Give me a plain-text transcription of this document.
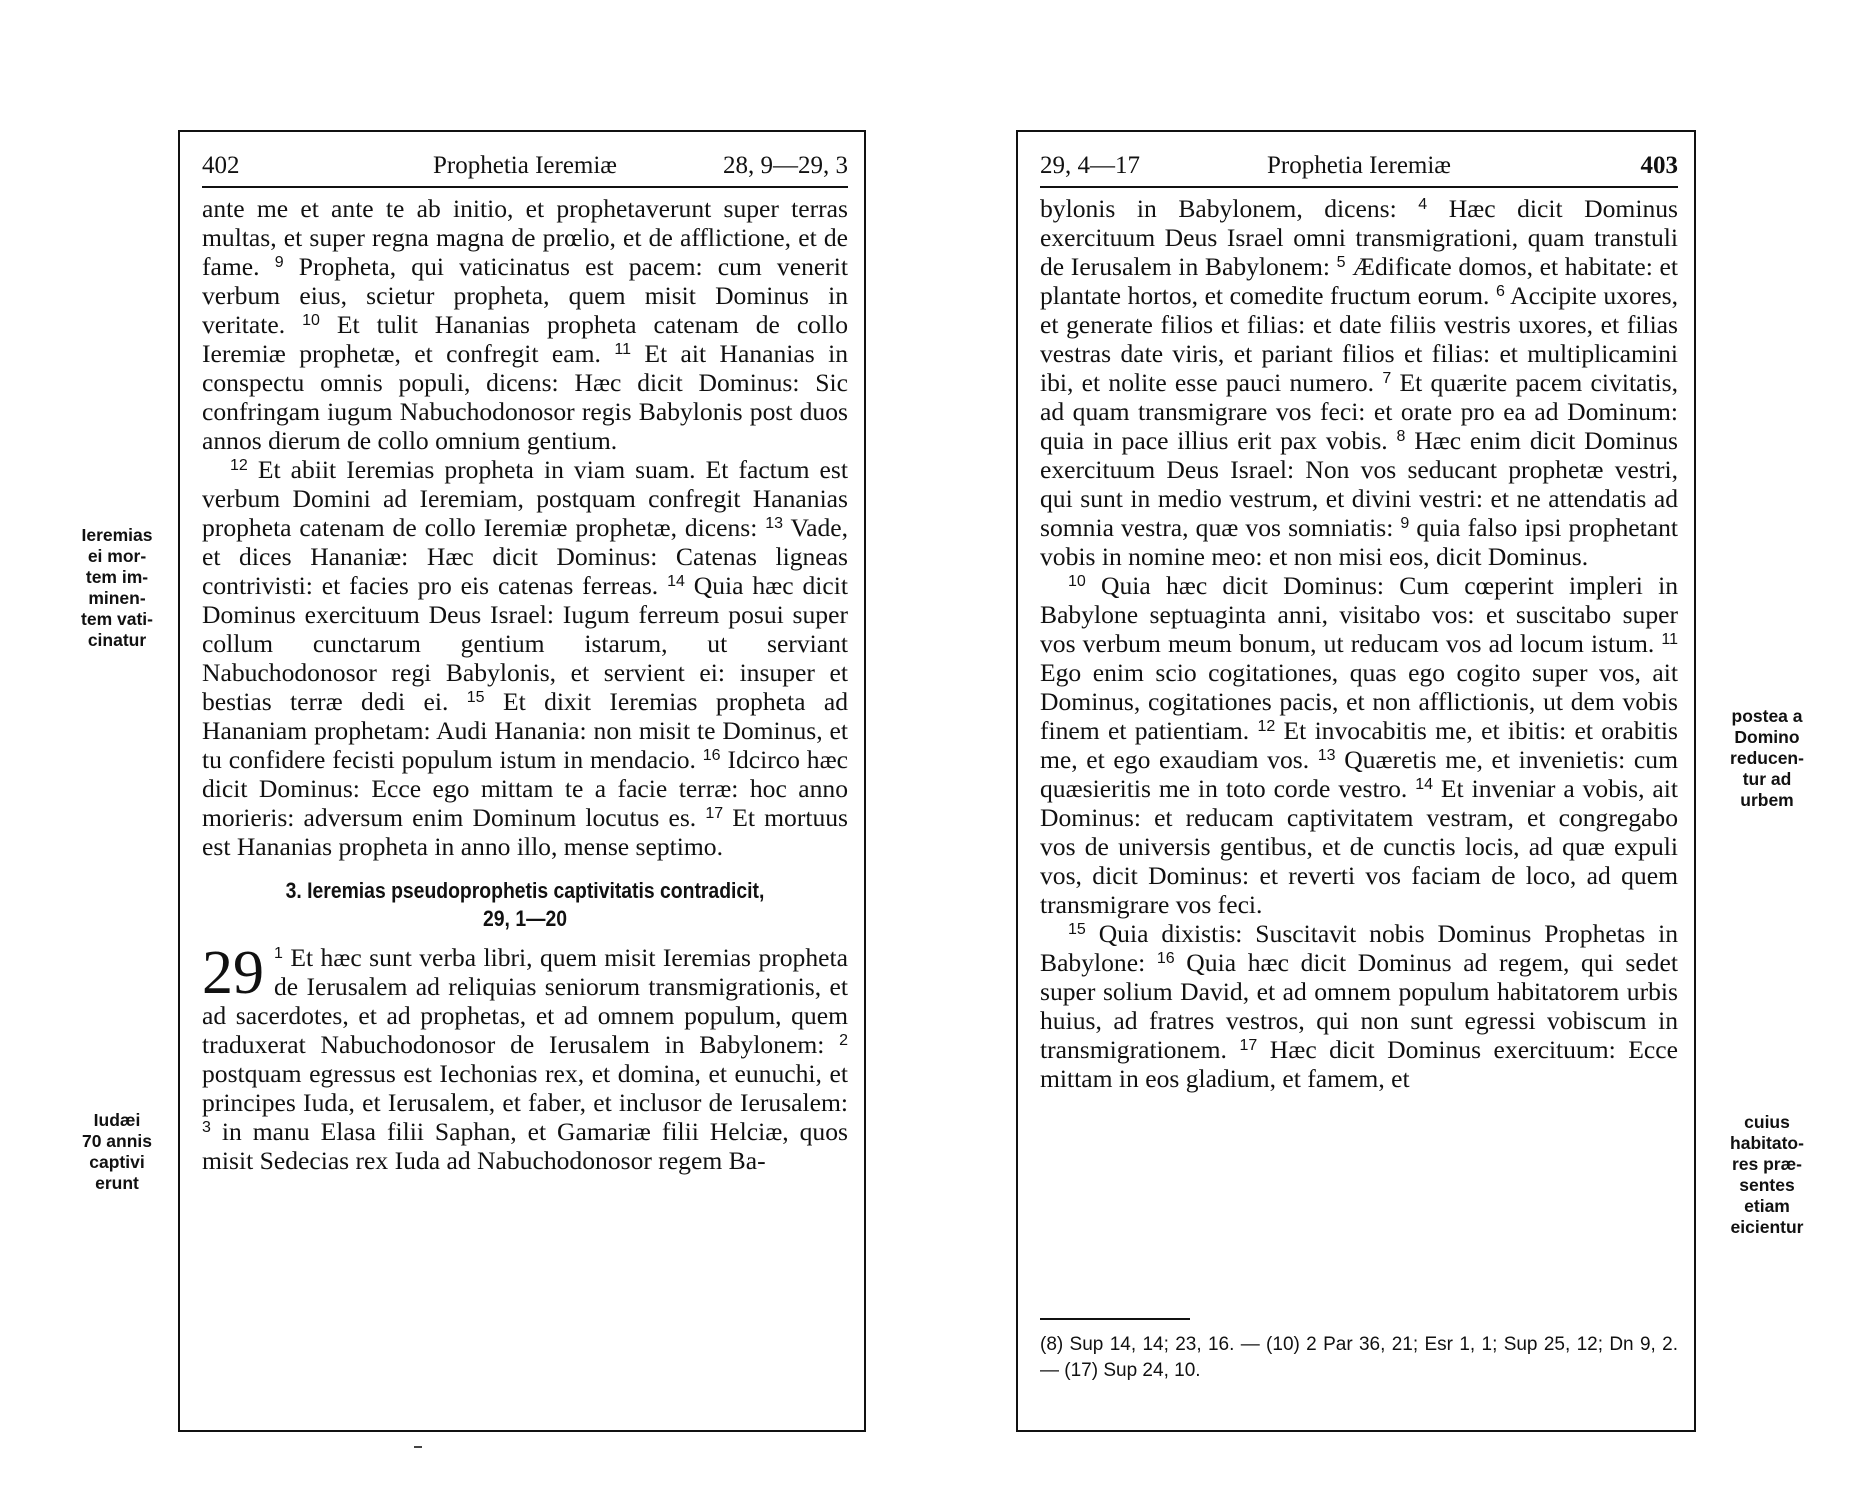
402	Prophetia Ieremiæ	28, 9—29, 3

ante me et ante te ab initio, et prophetaverunt super terras multas, et super regna magna de prœlio, et de afflictione, et de fame. $^9$ Propheta, qui vaticinatus est pacem: cum venerit verbum eius, scietur propheta, quem misit Dominus in veritate. $^{10}$ Et tulit Hananias propheta catenam de collo Ieremiæ prophetæ, et confregit eam. $^{11}$ Et ait Hananias in conspectu omnis populi, dicens: Hæc dicit Dominus: Sic confringam iugum Nabuchodonosor regis Babylonis post duos annos dierum de collo omnium gentium.

$^{12}$ Et abiit Ieremias propheta in viam suam. Et factum est verbum Domini ad Ieremiam, postquam confregit Hananias propheta catenam de collo Ieremiæ prophetæ, dicens: $^{13}$ Vade, et dices Hananiæ: Hæc dicit Dominus: Catenas ligneas contrivisti: et facies pro eis catenas ferreas. $^{14}$ Quia hæc dicit Dominus exercituum Deus Israel: Iugum ferreum posui super collum cunctarum gentium istarum, ut serviant Nabuchodonosor regi Babylonis, et servient ei: insuper et bestias terræ dedi ei. $^{15}$ Et dixit Ieremias propheta ad Hananiam prophetam: Audi Hanania: non misit te Dominus, et tu confidere fecisti populum istum in mendacio. $^{16}$ Idcirco hæc dicit Dominus: Ecce ego mittam te a facie terræ: hoc anno morieris: adversum enim Dominum locutus es. $^{17}$ Et mortuus est Hananias propheta in anno illo, mense septimo.

3. Ieremias pseudoprophetis captivitatis contradicit,
29, 1—20

29 $^1$ Et hæc sunt verba libri, quem misit Ieremias propheta de Ierusalem ad reliquias seniorum transmigrationis, et ad sacerdotes, et ad prophetas, et ad omnem populum, quem traduxerat Nabuchodonosor de Ierusalem in Babylonem: $^2$ postquam egressus est Iechonias rex, et domina, et eunuchi, et principes Iuda, et Ierusalem, et faber, et inclusor de Ierusalem: $^3$ in manu Elasa filii Saphan, et Gamariæ filii Helciæ, quos misit Sedecias rex Iuda ad Nabuchodonosor regem Ba-

29, 4—17	Prophetia Ieremiæ	403

bylonis in Babylonem, dicens: $^4$ Hæc dicit Dominus exercituum Deus Israel omni transmigrationi, quam transtuli de Ierusalem in Babylonem: $^5$ Ædificate domos, et habitate: et plantate hortos, et comedite fructum eorum. $^6$ Accipite uxores, et generate filios et filias: et date filiis vestris uxores, et filias vestras date viris, et pariant filios et filias: et multiplicamini ibi, et nolite esse pauci numero. $^7$ Et quærite pacem civitatis, ad quam transmigrare vos feci: et orate pro ea ad Dominum: quia in pace illius erit pax vobis. $^8$ Hæc enim dicit Dominus exercituum Deus Israel: Non vos seducant prophetæ vestri, qui sunt in medio vestrum, et divini vestri: et ne attendatis ad somnia vestra, quæ vos somniatis: $^9$ quia falso ipsi prophetant vobis in nomine meo: et non misi eos, dicit Dominus.

$^{10}$ Quia hæc dicit Dominus: Cum cœperint impleri in Babylone septuaginta anni, visitabo vos: et suscitabo super vos verbum meum bonum, ut reducam vos ad locum istum. $^{11}$ Ego enim scio cogitationes, quas ego cogito super vos, ait Dominus, cogitationes pacis, et non afflictionis, ut dem vobis finem et patientiam. $^{12}$ Et invocabitis me, et ibitis: et orabitis me, et ego exaudiam vos. $^{13}$ Quæretis me, et invenietis: cum quæsieritis me in toto corde vestro. $^{14}$ Et inveniar a vobis, ait Dominus: et reducam captivitatem vestram, et congregabo vos de universis gentibus, et de cunctis locis, ad quæ expuli vos, dicit Dominus: et reverti vos faciam de loco, ad quem transmigrare vos feci.

$^{15}$ Quia dixistis: Suscitavit nobis Dominus Prophetas in Babylone: $^{16}$ Quia hæc dicit Dominus ad regem, qui sedet super solium David, et ad omnem populum habitatorem urbis huius, ad fratres vestros, qui non sunt egressi vobiscum in transmigrationem. $^{17}$ Hæc dicit Dominus exercituum: Ecce mittam in eos gladium, et famem, et

(8) Sup 14, 14; 23, 16. — (10) 2 Par 36, 21; Esr 1, 1; Sup 25, 12; Dn 9, 2. — (17) Sup 24, 10.
Ieremias
ei mor-
tem im-
minen-
tem vati-
cinatur
Iudæi
70 annis
captivi
erunt
postea a
Domino
reducen-
tur ad
urbem
cuius
habitato-
res præ-
sentes
etiam
eicientur
